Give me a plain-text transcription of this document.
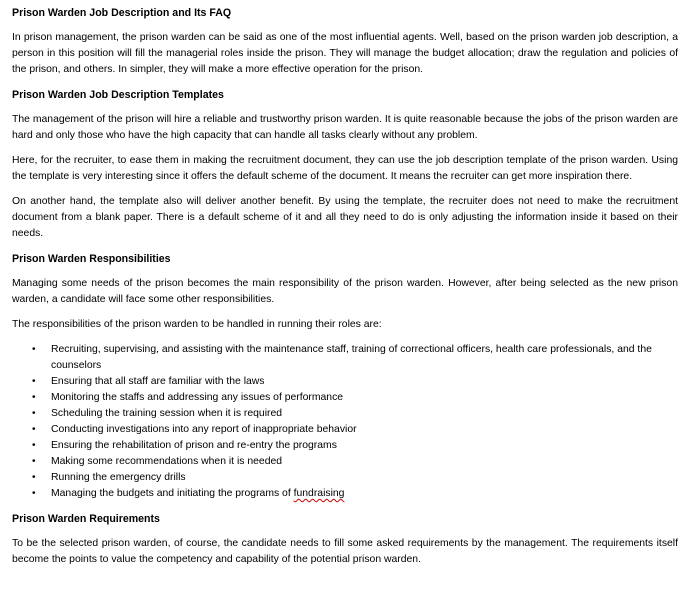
Prison Warden Job Description and Its FAQ

In prison management, the prison warden can be said as one of the most influential agents. Well, based on the prison warden job description, a person in this position will fill the managerial roles inside the prison. They will manage the budget allocation; draw the regulation and policies of the prison, and others. In simpler, they will make a more effective operation for the prison.

Prison Warden Job Description Templates

The management of the prison will hire a reliable and trustworthy prison warden. It is quite reasonable because the jobs of the prison warden are hard and only those who have the high capacity that can handle all tasks clearly without any problem.

Here, for the recruiter, to ease them in making the recruitment document, they can use the job description template of the prison warden. Using the template is very interesting since it offers the default scheme of the document. It means the recruiter can get more inspiration there.

On another hand, the template also will deliver another benefit. By using the template, the recruiter does not need to make the recruitment document from a blank paper. There is a default scheme of it and all they need to do is only adjusting the information inside it based on their needs.

Prison Warden Responsibilities

Managing some needs of the prison becomes the main responsibility of the prison warden. However, after being selected as the new prison warden, a candidate will face some other responsibilities.

The responsibilities of the prison warden to be handled in running their roles are:

• Recruiting, supervising, and assisting with the maintenance staff, training of correctional officers, health care professionals, and the counselors
• Ensuring that all staff are familiar with the laws
• Monitoring the staffs and addressing any issues of performance
• Scheduling the training session when it is required
• Conducting investigations into any report of inappropriate behavior
• Ensuring the rehabilitation of prison and re-entry the programs
• Making some recommendations when it is needed
• Running the emergency drills
• Managing the budgets and initiating the programs of fundraising
Prison Warden Requirements

To be the selected prison warden, of course, the candidate needs to fill some asked requirements by the management. The requirements itself become the points to value the competency and capability of the potential prison warden.
